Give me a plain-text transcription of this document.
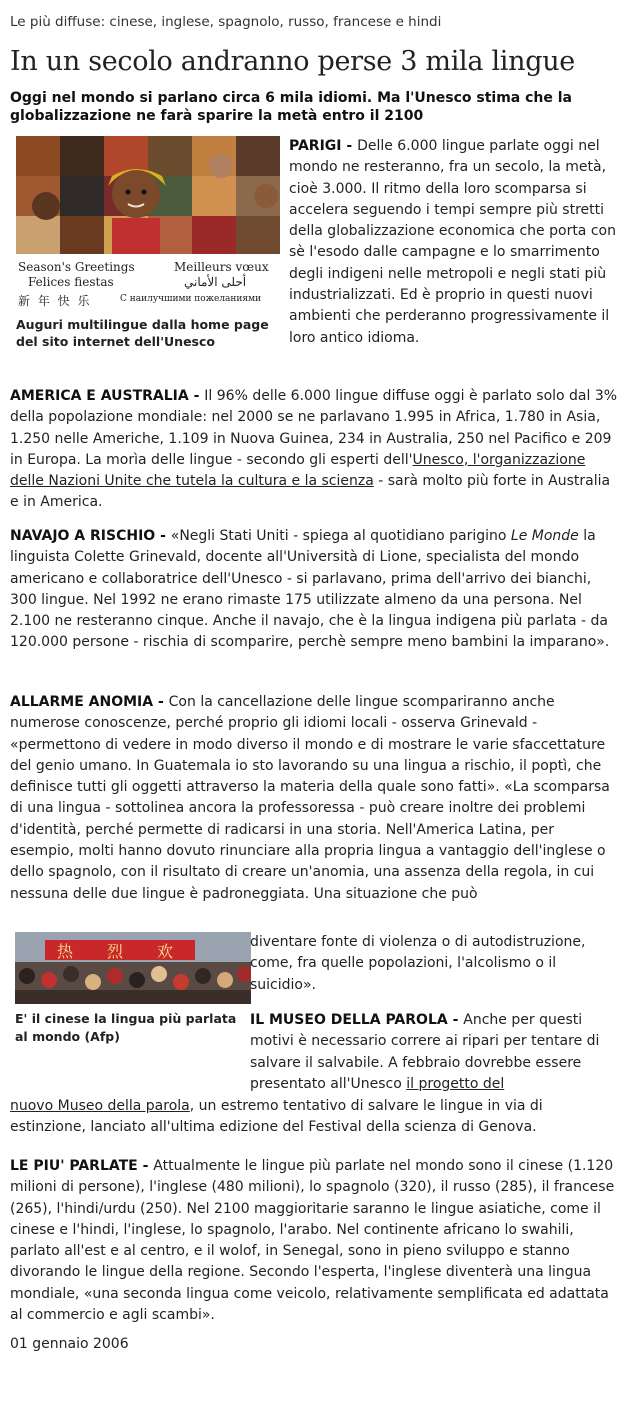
Le più diffuse: cinese, inglese, spagnolo, russo, francese e hindi
In un secolo andranno perse 3 mila lingue
Oggi nel mondo si parlano circa 6 mila idiomi. Ma l'Unesco stima che la globalizzazione ne farà sparire la metà entro il 2100
Season's Greetings
Felices fiestas
Meilleurs vœux
أحلى الأماني
新 年 快 乐	С наилучшими пожеланиями
Auguri multilingue dalla home page del sito internet dell'Unesco
PARIGI - Delle 6.000 lingue parlate oggi nel mondo ne resteranno, fra un secolo, la metà, cioè 3.000. Il ritmo della loro scomparsa si accelera seguendo i tempi sempre più stretti della globalizzazione economica che porta con sè l'esodo dalle campagne e lo smarrimento degli indigeni nelle metropoli e negli stati più industrializzati. Ed è proprio in questi nuovi ambienti che perderanno progressivamente il loro antico idioma.
AMERICA E AUSTRALIA - Il 96% delle 6.000 lingue diffuse oggi è parlato solo dal 3% della popolazione mondiale: nel 2000 se ne parlavano 1.995 in Africa, 1.780 in Asia, 1.250 nelle Americhe, 1.109 in Nuova Guinea, 234 in Australia, 250 nel Pacifico e 209 in Europa. La morìa delle lingue - secondo gli esperti dell'Unesco, l'organizzazione delle Nazioni Unite che tutela la cultura e la scienza - sarà molto più forte in Australia e in America.
NAVAJO A RISCHIO - «Negli Stati Uniti - spiega al quotidiano parigino Le Monde la linguista Colette Grinevald, docente all'Università di Lione, specialista del mondo americano e collaboratrice dell'Unesco - si parlavano, prima dell'arrivo dei bianchi, 300 lingue. Nel 1992 ne erano rimaste 175 utilizzate almeno da una persona. Nel 2.100 ne resteranno cinque. Anche il navajo, che è la lingua indigena più parlata - da 120.000 persone - rischia di scomparire, perchè sempre meno bambini la imparano».
ALLARME ANOMIA - Con la cancellazione delle lingue scompariranno anche numerose conoscenze, perché proprio gli idiomi locali - osserva Grinevald - «permettono di vedere in modo diverso il mondo e di mostrare le varie sfaccettature del genio umano. In Guatemala io sto lavorando su una lingua a rischio, il poptì, che definisce tutti gli oggetti attraverso la materia della quale sono fatti». «La scomparsa di una lingua - sottolinea ancora la professoressa - può creare inoltre dei problemi d'identità, perché permette di radicarsi in una storia. Nell'America Latina, per esempio, molti hanno dovuto rinunciare alla propria lingua a vantaggio dell'inglese o dello spagnolo, con il risultato di creare un'anomia, una assenza della regola, in cui nessuna delle due lingue è padroneggiata. Una situazione che può
热 烈 欢
E' il cinese la lingua più parlata al mondo (Afp)
diventare fonte di violenza o di autodistruzione, come, fra quelle popolazioni, l'alcolismo o il suicidio».
IL MUSEO DELLA PAROLA - Anche per questi motivi è necessario correre ai ripari per tentare di salvare il salvabile. A febbraio dovrebbe essere presentato all'Unesco il progetto del
nuovo Museo della parola, un estremo tentativo di salvare le lingue in via di estinzione, lanciato all'ultima edizione del Festival della scienza di Genova.
LE PIU' PARLATE - Attualmente le lingue più parlate nel mondo sono il cinese (1.120 milioni di persone), l'inglese (480 milioni), lo spagnolo (320), il russo (285), il francese (265), l'hindi/urdu (250). Nel 2100 maggioritarie saranno le lingue asiatiche, come il cinese e l'hindi, l'inglese, lo spagnolo, l'arabo. Nel continente africano lo swahili, parlato all'est e al centro, e il wolof, in Senegal, sono in pieno sviluppo e stanno divorando le lingue della regione. Secondo l'esperta, l'inglese diventerà una lingua mondiale, «una seconda lingua come veicolo, relativamente semplificata ed adattata al commercio e agli scambi».
01 gennaio 2006
